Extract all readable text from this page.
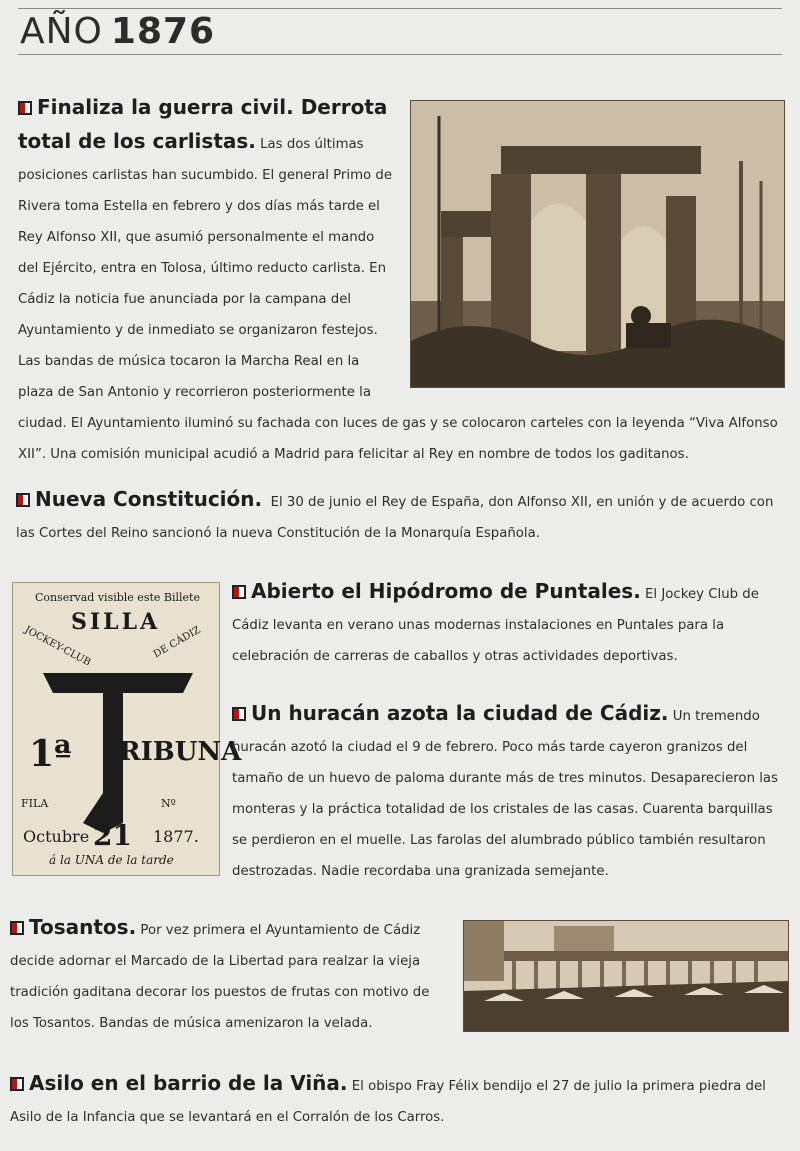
AÑO 1876

Finaliza la guerra civil. Derrota total de los carlistas. Las dos últimas posiciones carlistas han sucumbido. El general Primo de Rivera toma Estella en febrero y dos días más tarde el Rey Alfonso XII, que asumió personalmente el mando del Ejército, entra en Tolosa, último reducto carlista. En Cádiz la noticia fue anunciada por la campana del Ayuntamiento y de inmediato se organizaron festejos. Las bandas de música tocaron la Marcha Real en la plaza de San Antonio y recorrieron posteriormente la ciudad. El Ayuntamiento iluminó su fachada con luces de gas y se colocaron carteles con la leyenda “Viva Alfonso XII”. Una comisión municipal acudió a Madrid para felicitar al Rey en nombre de todos los gaditanos.

Nueva Constitución. El 30 de junio el Rey de España, don Alfonso XII, en unión y de acuerdo con las Cortes del Reino sancionó la nueva Constitución de la Monarquía Española.

Conservad visible este Billete
SILLA
JOCKEY-CLUB	DE CÁDIZ
1ª RIBUNA
FILA	Nº
Octubre 21 1877.
á la UNA de la tarde

Abierto el Hipódromo de Puntales. El Jockey Club de Cádiz levanta en verano unas modernas instalaciones en Puntales para la celebración de carreras de caballos y otras actividades deportivas.

Un huracán azota la ciudad de Cádiz. Un tremendo huracán azotó la ciudad el 9 de febrero. Poco más tarde cayeron granizos del tamaño de un huevo de paloma durante más de tres minutos. Desaparecieron las monteras y la práctica totalidad de los cristales de las casas. Cuarenta barquillas se perdieron en el muelle. Las farolas del alumbrado público también resultaron destrozadas. Nadie recordaba una granizada semejante.

Tosantos. Por vez primera el Ayuntamiento de Cádiz decide adornar el Marcado de la Libertad para realzar la vieja tradición gaditana decorar los puestos de frutas con motivo de los Tosantos. Bandas de música amenizaron la velada.

Asilo en el barrio de la Viña. El obispo Fray Félix bendijo el 27 de julio la primera piedra del Asilo de la Infancia que se levantará en el Corralón de los Carros.
